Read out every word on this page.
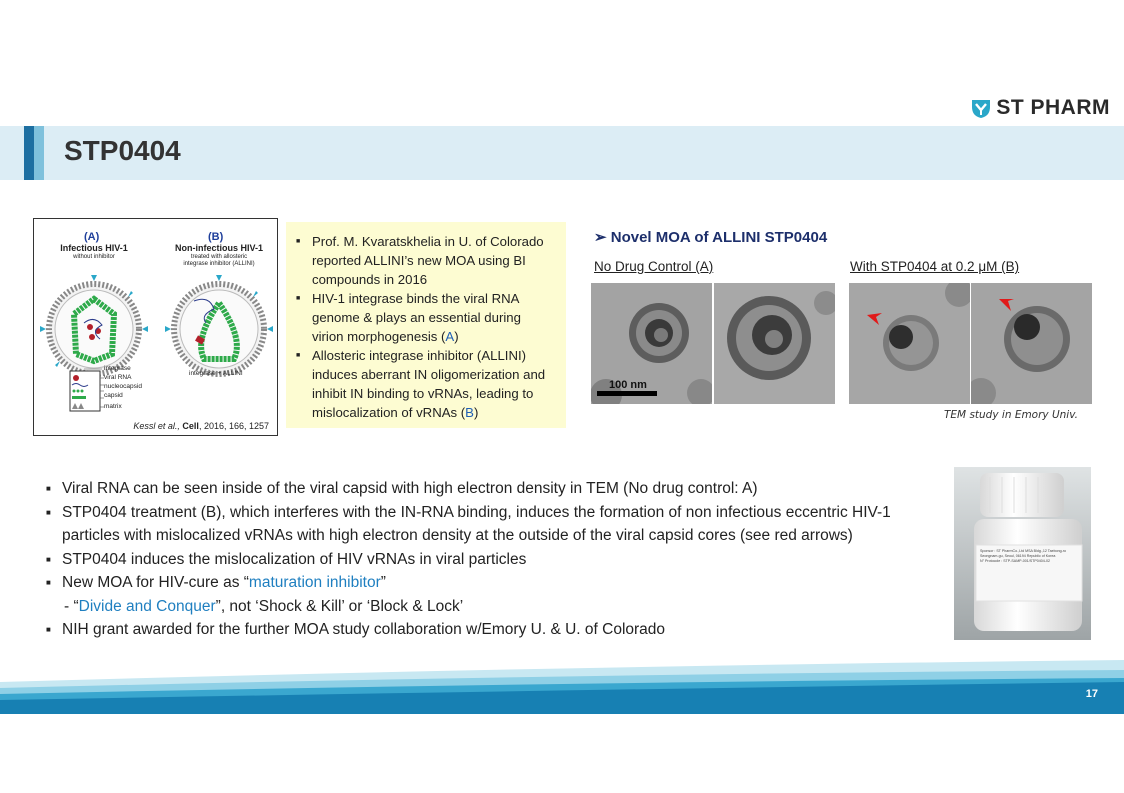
ST PHARM
STP0404
(A)
Infectious HIV-1
without inhibitor
(B)
Non-infectious HIV-1
treated with allosteric
integrase inhibitor (ALLINI)
integrase
viral RNA
nucleocapsid
capsid
matrix
integrase + ALLINI
Kessl et al., Cell, 2016, 166, 1257
■ Prof. M. Kvaratskhelia in U. of Colorado reported ALLINI’s new MOA using BI compounds in 2016
■ HIV-1 integrase binds the viral RNA genome & plays an essential during virion morphogenesis (A)
■ Allosteric integrase inhibitor (ALLINI) induces aberrant IN oligomerization and inhibit IN binding to vRNAs, leading to mislocalization of vRNAs (B)
➢ Novel MOA of ALLINI STP0404
No Drug Control (A)	With STP0404 at 0.2 μM (B)
100 nm
TEM study in Emory Univ.
■ Viral RNA can be seen inside of the viral capsid with high electron density in TEM (No drug control: A)
■ STP0404 treatment (B), which interferes with the IN-RNA binding, induces the formation of non infectious eccentric HIV-1 particles with mislocalized vRNAs with high electron density at the outside of the viral capsid cores (see red arrows)
■ STP0404 induces the mislocalization of HIV vRNAs in viral particles
■ New MOA for HIV-cure as “maturation inhibitor”
- “Divide and Conquer”, not ‘Shock & Kill’ or ‘Block & Lock’
■ NIH grant awarded for the further MOA study collaboration w/Emory U. & U. of Colorado
Sponsor : ST PharmCo.,Ltd MSA Bldg.,12 Taebong-ro
Seongnam-gu, Seoul, 06194 Republic of Korea
N° Protocole : STP-SAMP-001/STP0404-02
17
